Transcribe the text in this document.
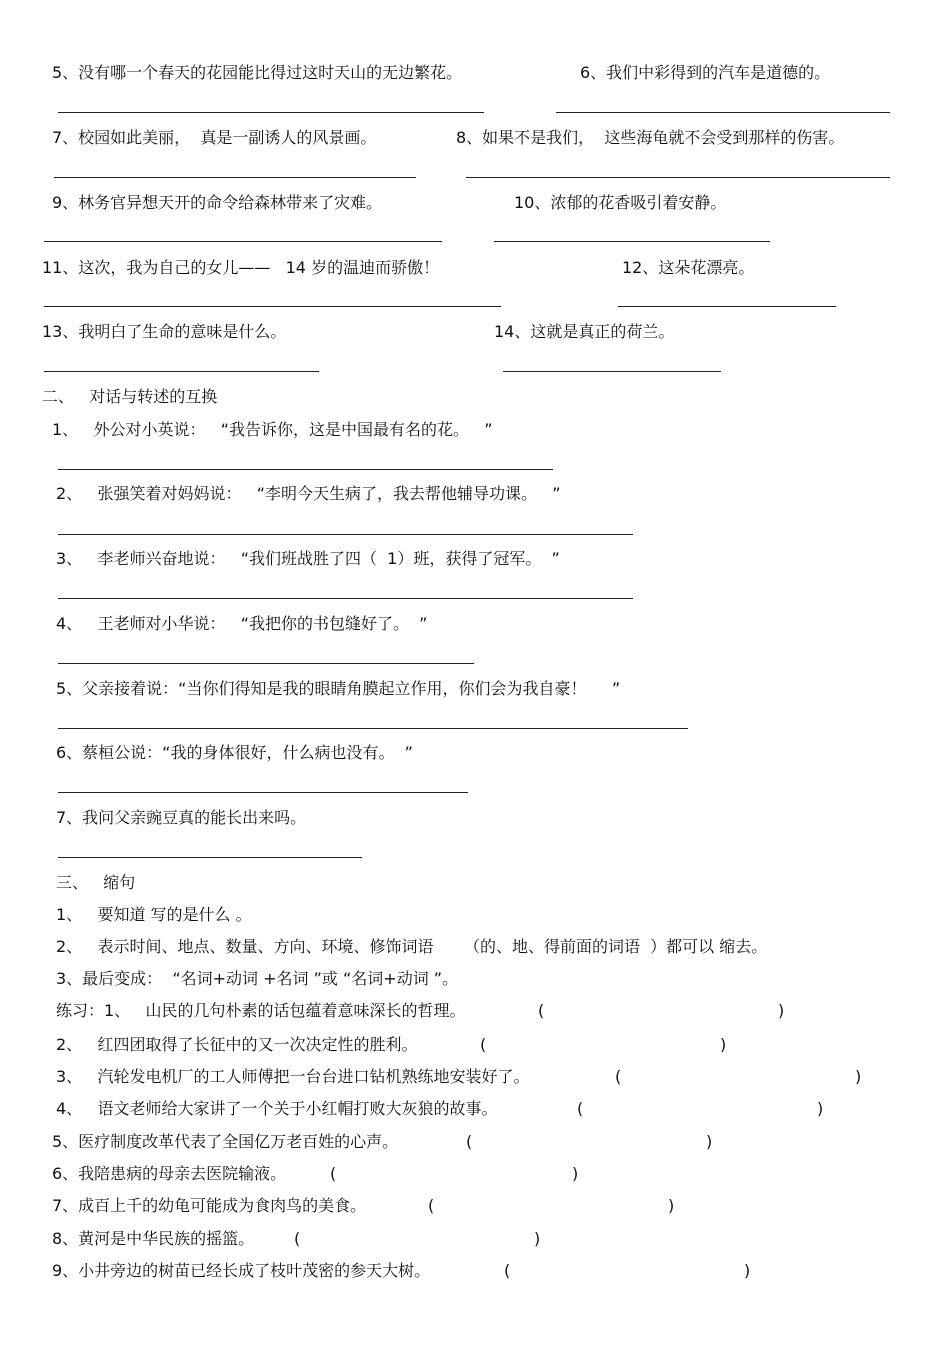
5、没有哪一个春天的花园能比得过这时天山的无边繁花。	6、我们中彩得到的汽车是道德的。
7、校园如此美丽，  真是一副诱人的风景画。	8、如果不是我们，  这些海龟就不会受到那样的伤害。
9、林务官异想天开的命令给森林带来了灾难。	10、浓郁的花香吸引着安静。
11、这次，我为自己的女儿——   14 岁的温迪而骄傲！	12、这朵花漂亮。
13、我明白了生命的意味是什么。	14、这就是真正的荷兰。
二、   对话与转述的互换
1、   外公对小英说：   “我告诉你，这是中国最有名的花。   ”
2、   张强笑着对妈妈说：   “李明今天生病了，我去帮他辅导功课。   ”
3、   李老师兴奋地说：   “我们班战胜了四（  1）班，获得了冠军。  ”
4、   王老师对小华说：   “我把你的书包缝好了。  ”
5、父亲接着说：“当你们得知是我的眼睛角膜起立作用，你们会为我自豪！     ”
6、蔡桓公说：“我的身体很好，什么病也没有。  ”
7、我问父亲豌豆真的能长出来吗。
三、   缩句
1、   要知道 写的是什么 。
2、   表示时间、地点、数量、方向、环境、修饰词语      （的、地、得前面的词语  ）都可以 缩去。
3、最后变成：  “名词+动词 +名词 ”或 “名词+动词 ”。
练习：1、   山民的几句朴素的话包蕴着意味深长的哲理。	(	)
2、   红四团取得了长征中的又一次决定性的胜利。	(	)
3、   汽轮发电机厂的工人师傅把一台台进口钻机熟练地安装好了。	(	)
4、   语文老师给大家讲了一个关于小红帽打败大灰狼的故事。	(	)
5、医疗制度改革代表了全国亿万老百姓的心声。	(	)
6、我陪患病的母亲去医院输液。	(	)
7、成百上千的幼龟可能成为食肉鸟的美食。	(	)
8、黄河是中华民族的摇篮。 (	)
9、小井旁边的树苗已经长成了枝叶茂密的参天大树。	(	)
